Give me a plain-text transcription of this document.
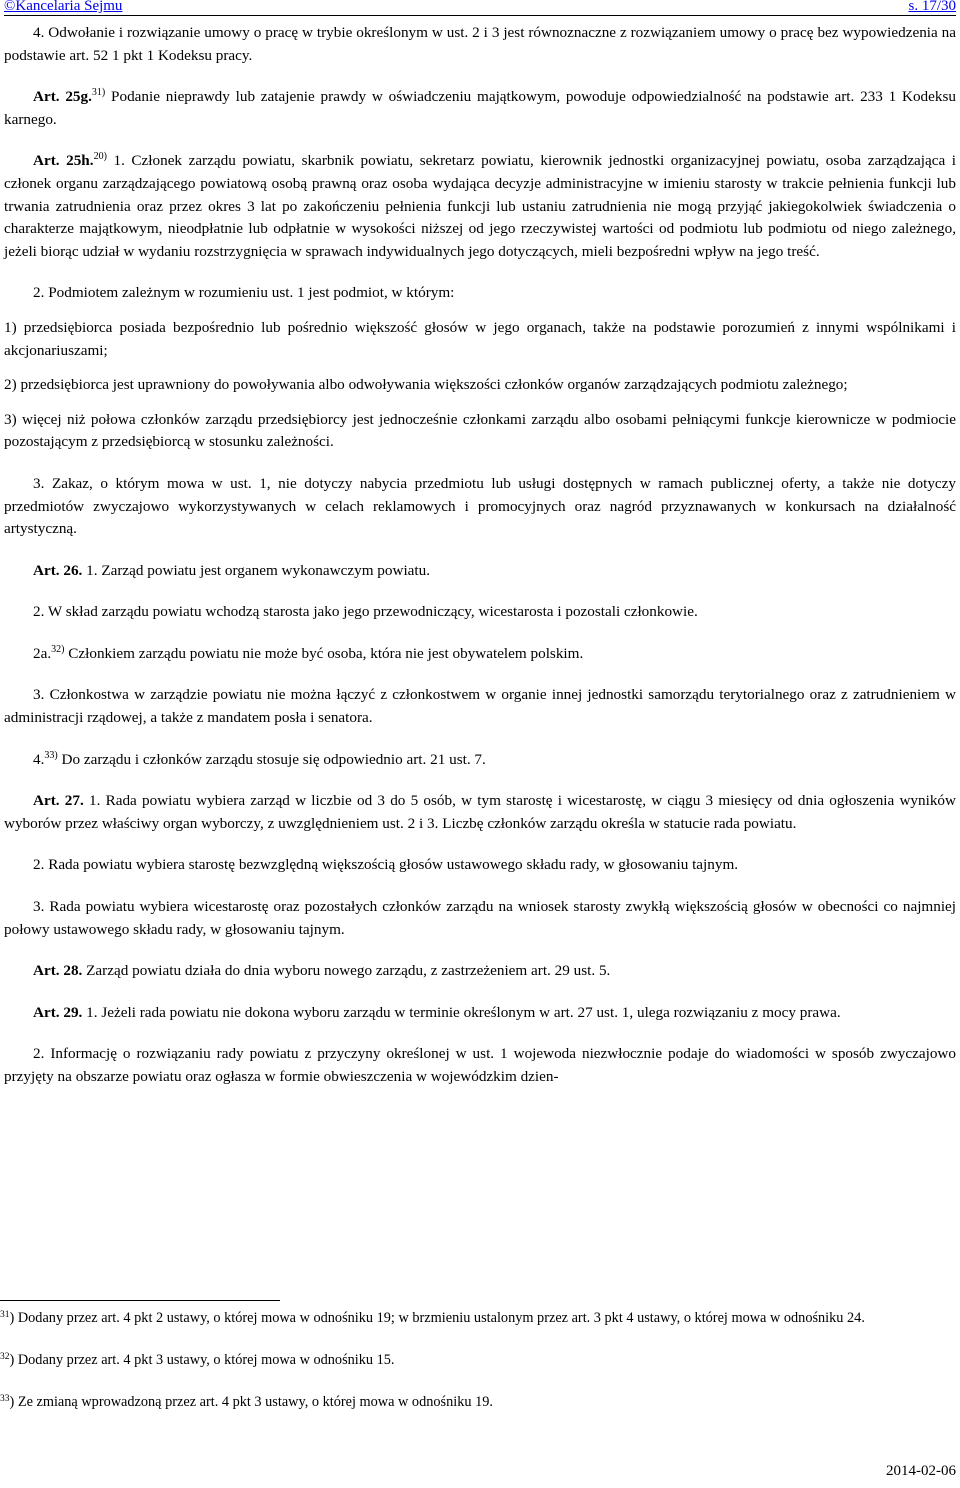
©Kancelaria Sejmu	s. 17/30

4. Odwołanie i rozwiązanie umowy o pracę w trybie określonym w ust. 2 i 3 jest równoznaczne z rozwiązaniem umowy o pracę bez wypowiedzenia na podstawie art. 52 1 pkt 1 Kodeksu pracy.

Art. 25g.$^{31)}$ Podanie nieprawdy lub zatajenie prawdy w oświadczeniu majątkowym, powoduje odpowiedzialność na podstawie art. 233 1 Kodeksu karnego.

Art. 25h.$^{20)}$ 1. Członek zarządu powiatu, skarbnik powiatu, sekretarz powiatu, kierownik jednostki organizacyjnej powiatu, osoba zarządzająca i członek organu zarządzającego powiatową osobą prawną oraz osoba wydająca decyzje administracyjne w imieniu starosty w trakcie pełnienia funkcji lub trwania zatrudnienia oraz przez okres 3 lat po zakończeniu pełnienia funkcji lub ustaniu zatrudnienia nie mogą przyjąć jakiegokolwiek świadczenia o charakterze majątkowym, nieodpłatnie lub odpłatnie w wysokości niższej od jego rzeczywistej wartości od podmiotu lub podmiotu od niego zależnego, jeżeli biorąc udział w wydaniu rozstrzygnięcia w sprawach indywidualnych jego dotyczących, mieli bezpośredni wpływ na jego treść.

2. Podmiotem zależnym w rozumieniu ust. 1 jest podmiot, w którym:

1) przedsiębiorca posiada bezpośrednio lub pośrednio większość głosów w jego organach, także na podstawie porozumień z innymi wspólnikami i akcjonariuszami;

2) przedsiębiorca jest uprawniony do powoływania albo odwoływania większości członków organów zarządzających podmiotu zależnego;

3) więcej niż połowa członków zarządu przedsiębiorcy jest jednocześnie członkami zarządu albo osobami pełniącymi funkcje kierownicze w podmiocie pozostającym z przedsiębiorcą w stosunku zależności.

3. Zakaz, o którym mowa w ust. 1, nie dotyczy nabycia przedmiotu lub usługi dostępnych w ramach publicznej oferty, a także nie dotyczy przedmiotów zwyczajowo wykorzystywanych w celach reklamowych i promocyjnych oraz nagród przyznawanych w konkursach na działalność artystyczną.

Art. 26. 1. Zarząd powiatu jest organem wykonawczym powiatu.

2. W skład zarządu powiatu wchodzą starosta jako jego przewodniczący, wicestarosta i pozostali członkowie.

2a.$^{32)}$ Członkiem zarządu powiatu nie może być osoba, która nie jest obywatelem polskim.

3. Członkostwa w zarządzie powiatu nie można łączyć z członkostwem w organie innej jednostki samorządu terytorialnego oraz z zatrudnieniem w administracji rządowej, a także z mandatem posła i senatora.

4.$^{33)}$ Do zarządu i członków zarządu stosuje się odpowiednio art. 21 ust. 7.

Art. 27. 1. Rada powiatu wybiera zarząd w liczbie od 3 do 5 osób, w tym starostę i wicestarostę, w ciągu 3 miesięcy od dnia ogłoszenia wyników wyborów przez właściwy organ wyborczy, z uwzględnieniem ust. 2 i 3. Liczbę członków zarządu określa w statucie rada powiatu.

2. Rada powiatu wybiera starostę bezwzględną większością głosów ustawowego składu rady, w głosowaniu tajnym.

3. Rada powiatu wybiera wicestarostę oraz pozostałych członków zarządu na wniosek starosty zwykłą większością głosów w obecności co najmniej połowy ustawowego składu rady, w głosowaniu tajnym.

Art. 28. Zarząd powiatu działa do dnia wyboru nowego zarządu, z zastrzeżeniem art. 29 ust. 5.

Art. 29. 1. Jeżeli rada powiatu nie dokona wyboru zarządu w terminie określonym w art. 27 ust. 1, ulega rozwiązaniu z mocy prawa.

2. Informację o rozwiązaniu rady powiatu z przyczyny określonej w ust. 1 wojewoda niezwłocznie podaje do wiadomości w sposób zwyczajowo przyjęty na obszarze powiatu oraz ogłasza w formie obwieszczenia w wojewódzkim dzien-

$^{31}$) Dodany przez art. 4 pkt 2 ustawy, o której mowa w odnośniku 19; w brzmieniu ustalonym przez art. 3 pkt 4 ustawy, o której mowa w odnośniku 24.
$^{32}$) Dodany przez art. 4 pkt 3 ustawy, o której mowa w odnośniku 15.
$^{33}$) Ze zmianą wprowadzoną przez art. 4 pkt 3 ustawy, o której mowa w odnośniku 19.
2014-02-06
